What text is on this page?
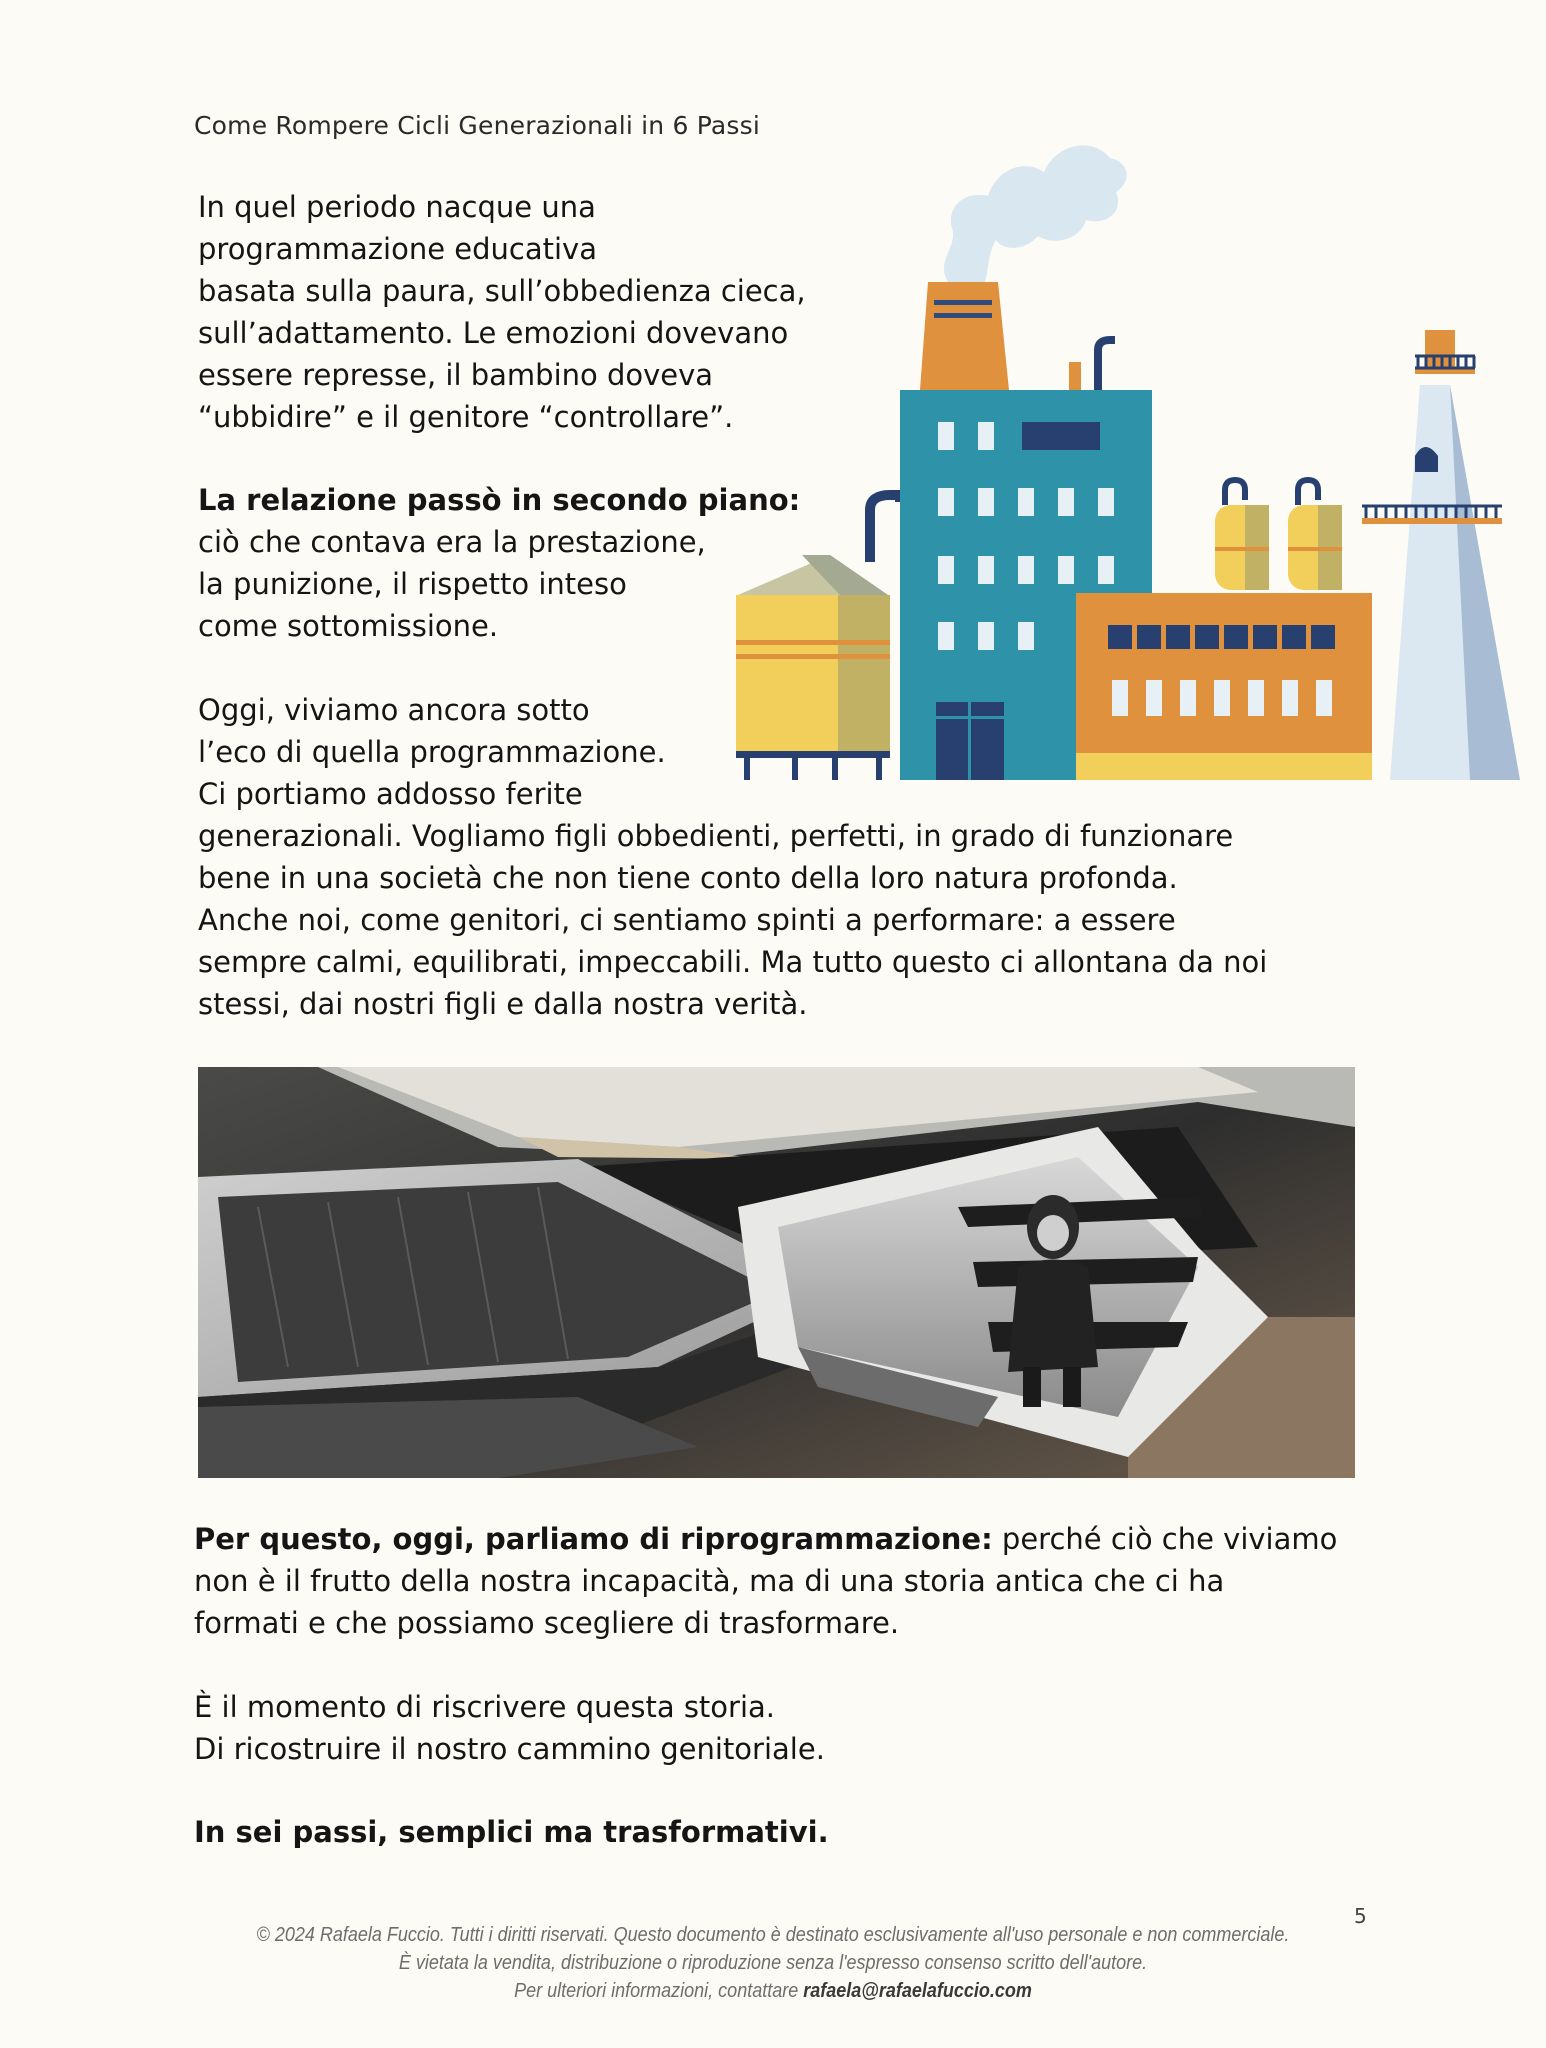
Come Rompere Cicli Generazionali in 6 Passi
In quel periodo nacque una
programmazione educativa
basata sulla paura, sull’obbedienza cieca,
sull’adattamento. Le emozioni dovevano
essere represse, il bambino doveva
“ubbidire” e il genitore “controllare”.
La relazione passò in secondo piano:
ciò che contava era la prestazione,
la punizione, il rispetto inteso
come sottomissione.
Oggi, viviamo ancora sotto
l’eco di quella programmazione.
Ci portiamo addosso ferite
generazionali. Vogliamo figli obbedienti, perfetti, in grado di funzionare
bene in una società che non tiene conto della loro natura profonda.
Anche noi, come genitori, ci sentiamo spinti a performare: a essere
sempre calmi, equilibrati, impeccabili. Ma tutto questo ci allontana da noi
stessi, dai nostri figli e dalla nostra verità.
Per questo, oggi, parliamo di riprogrammazione: perché ciò che viviamo
non è il frutto della nostra incapacità, ma di una storia antica che ci ha
formati e che possiamo scegliere di trasformare.
È il momento di riscrivere questa storia.
Di ricostruire il nostro cammino genitoriale.
In sei passi, semplici ma trasformativi.
5
© 2024 Rafaela Fuccio. Tutti i diritti riservati. Questo documento è destinato esclusivamente all'uso personale e non commerciale.
È vietata la vendita, distribuzione o riproduzione senza l'espresso consenso scritto dell'autore.
Per ulteriori informazioni, contattare rafaela@rafaelafuccio.com
